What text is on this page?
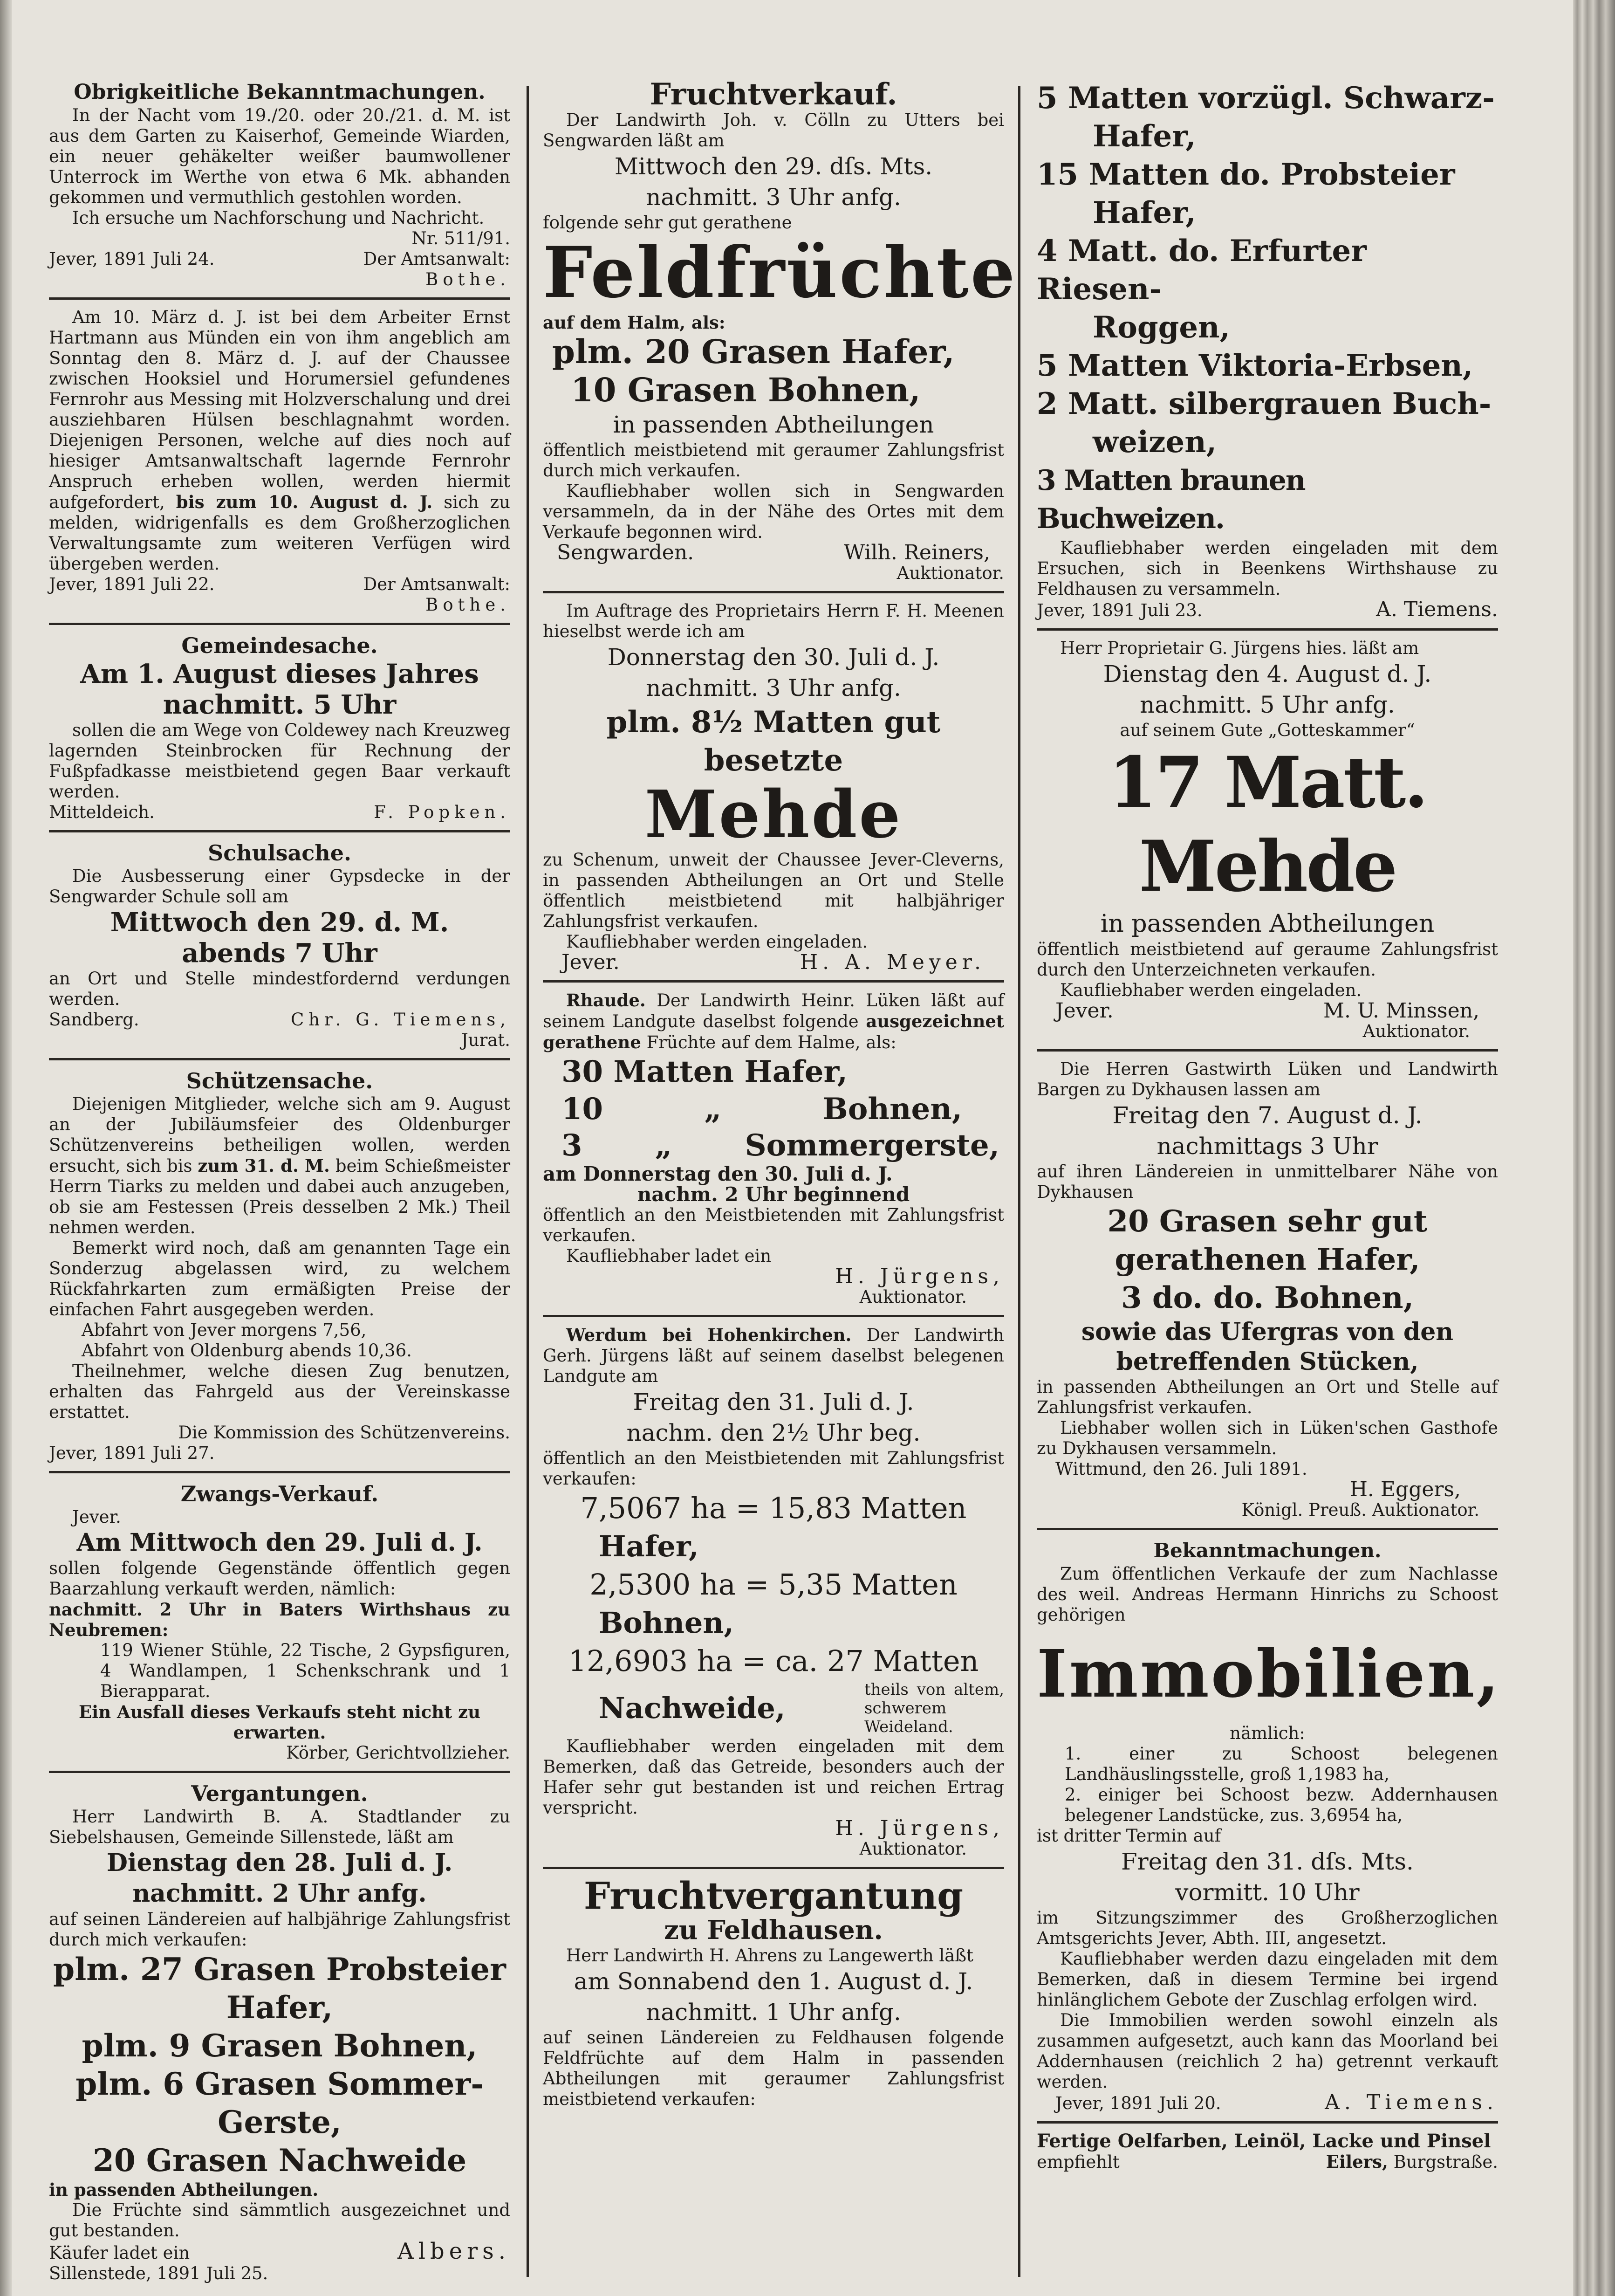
Obrigkeitliche Bekanntmachungen.

In der Nacht vom 19./20. oder 20./21. d. M. ist aus dem Garten zu Kaiserhof, Gemeinde Wiarden, ein neuer gehäkelter weißer baumwollener Unterrock im Werthe von etwa 6 Mk. abhanden gekommen und vermuthlich gestohlen worden.

Ich ersuche um Nachforschung und Nachricht.

Nr. 511/91.

Jever, 1891 Juli 24.	Der Amtsanwalt:

Bothe.

Am 10. März d. J. ist bei dem Arbeiter Ernst Hartmann aus Münden ein von ihm angeblich am Sonntag den 8. März d. J. auf der Chaussee zwischen Hooksiel und Horumersiel gefundenes Fernrohr aus Messing mit Holzverschalung und drei ausziehbaren Hülsen beschlagnahmt worden. Diejenigen Personen, welche auf dies noch auf hiesiger Amtsanwaltschaft lagernde Fernrohr Anspruch erheben wollen, werden hiermit aufgefordert, bis zum 10. August d. J. sich zu melden, widrigenfalls es dem Großherzoglichen Verwaltungsamte zum weiteren Verfügen wird übergeben werden.

Jever, 1891 Juli 22.	Der Amtsanwalt:

Bothe.

Gemeindesache.

Am 1. August dieses Jahres

nachmitt. 5 Uhr

sollen die am Wege von Coldewey nach Kreuzweg lagernden Steinbrocken für Rechnung der Fußpfadkasse meistbietend gegen Baar verkauft werden.

Mitteldeich.	F. Popken.

Schulsache.

Die Ausbesserung einer Gypsdecke in der Sengwarder Schule soll am

Mittwoch den 29. d. M.

abends 7 Uhr

an Ort und Stelle mindestfordernd verdungen werden.

Sandberg.	Chr. G. Tiemens,

Jurat.

Schützensache.

Diejenigen Mitglieder, welche sich am 9. August an der Jubiläumsfeier des Oldenburger Schützenvereins betheiligen wollen, werden ersucht, sich bis zum 31. d. M. beim Schießmeister Herrn Tiarks zu melden und dabei auch anzugeben, ob sie am Festessen (Preis desselben 2 Mk.) Theil nehmen werden.

Bemerkt wird noch, daß am genannten Tage ein Sonderzug abgelassen wird, zu welchem Rückfahrkarten zum ermäßigten Preise der einfachen Fahrt ausgegeben werden.

Abfahrt von Jever morgens 7,56,

Abfahrt von Oldenburg abends 10,36.

Theilnehmer, welche diesen Zug benutzen, erhalten das Fahrgeld aus der Vereinskasse erstattet.

Die Kommission des Schützenvereins.

Jever, 1891 Juli 27.

Zwangs-Verkauf.

Jever.

Am Mittwoch den 29. Juli d. J.

sollen folgende Gegenstände öffentlich gegen Baarzahlung verkauft werden, nämlich:

nachmitt. 2 Uhr in Baters Wirthshaus zu Neubremen:

119 Wiener Stühle, 22 Tische, 2 Gypsfiguren, 4 Wandlampen, 1 Schenkschrank und 1 Bierapparat.

Ein Ausfall dieses Verkaufs steht nicht zu erwarten.

Körber, Gerichtvollzieher.

Vergantungen.

Herr Landwirth B. A. Stadtlander zu Siebelshausen, Gemeinde Sillenstede, läßt am

Dienstag den 28. Juli d. J.

nachmitt. 2 Uhr anfg.

auf seinen Ländereien auf halbjährige Zahlungsfrist durch mich verkaufen:

plm. 27 Grasen Probsteier Hafer,

plm. 9 Grasen Bohnen,

plm. 6 Grasen Sommer-Gerste,

20 Grasen Nachweide

in passenden Abtheilungen.

Die Früchte sind sämmtlich ausgezeichnet und gut bestanden.

Käufer ladet ein	Albers.

Sillenstede, 1891 Juli 25.

Fruchtverkauf.

Der Landwirth Joh. v. Cölln zu Utters bei Sengwarden läßt am

Mittwoch den 29. dſs. Mts.

nachmitt. 3 Uhr anfg.

folgende sehr gut gerathene

Feldfrüchte

auf dem Halm, als:

plm. 20 Grasen Hafer,

10 Grasen Bohnen,

in passenden Abtheilungen

öffentlich meistbietend mit geraumer Zahlungsfrist durch mich verkaufen.

Kaufliebhaber wollen sich in Sengwarden versammeln, da in der Nähe des Ortes mit dem Verkaufe begonnen wird.

Sengwarden.	Wilh. Reiners,

Auktionator.

Im Auftrage des Proprietairs Herrn F. H. Meenen hieselbst werde ich am

Donnerstag den 30. Juli d. J.

nachmitt. 3 Uhr anfg.

plm. 8½ Matten gut besetzte

Mehde

zu Schenum, unweit der Chaussee Jever-Cleverns, in passenden Abtheilungen an Ort und Stelle öffentlich meistbietend mit halbjähriger Zahlungsfrist verkaufen.

Kaufliebhaber werden eingeladen.

Jever.	H. A. Meyer.

Rhaude. Der Landwirth Heinr. Lüken läßt auf seinem Landgute daselbst folgende ausgezeichnet gerathene Früchte auf dem Halme, als:

30 Matten Hafer,

10	„	Bohnen,
3 „ Sommergerste,

am Donnerstag den 30. Juli d. J.

nachm. 2 Uhr beginnend

öffentlich an den Meistbietenden mit Zahlungsfrist verkaufen.

Kaufliebhaber ladet ein

H. Jürgens,

Auktionator.

Werdum bei Hohenkirchen. Der Landwirth Gerh. Jürgens läßt auf seinem daselbst belegenen Landgute am

Freitag den 31. Juli d. J.

nachm. den 2½ Uhr beg.

öffentlich an den Meistbietenden mit Zahlungsfrist verkaufen:

7,5067 ha = 15,83 Matten

Hafer,

2,5300 ha = 5,35 Matten

Bohnen,

12,6903 ha = ca. 27 Matten

Nachweide,
theils von altem, schwerem Weideland.

Kaufliebhaber werden eingeladen mit dem Bemerken, daß das Getreide, besonders auch der Hafer sehr gut bestanden ist und reichen Ertrag verspricht.

H. Jürgens,

Auktionator.

Fruchtvergantung

zu Feldhausen.

Herr Landwirth H. Ahrens zu Langewerth läßt

am Sonnabend den 1. August d. J.

nachmitt. 1 Uhr anfg.

auf seinen Ländereien zu Feldhausen folgende Feldfrüchte auf dem Halm in passenden Abtheilungen mit geraumer Zahlungsfrist meistbietend verkaufen:

5 Matten vorzügl. Schwarz-

Hafer,

15 Matten do. Probsteier

Hafer,

4 Matt. do. Erfurter Riesen-

Roggen,

5 Matten Viktoria-Erbsen,

2 Matt. silbergrauen Buch-

weizen,

3 Matten braunen Buchweizen.

Kaufliebhaber werden eingeladen mit dem Ersuchen, sich in Beenkens Wirthshause zu Feldhausen zu versammeln.

Jever, 1891 Juli 23.	A. Tiemens.

Herr Proprietair G. Jürgens hies. läßt am

Dienstag den 4. August d. J.

nachmitt. 5 Uhr anfg.

auf seinem Gute „Gotteskammer“

17 Matt. Mehde

in passenden Abtheilungen

öffentlich meistbietend auf geraume Zahlungsfrist durch den Unterzeichneten verkaufen.

Kaufliebhaber werden eingeladen.

Jever.	M. U. Minssen,

Auktionator.

Die Herren Gastwirth Lüken und Landwirth Bargen zu Dykhausen lassen am

Freitag den 7. August d. J.

nachmittags 3 Uhr

auf ihren Ländereien in unmittelbarer Nähe von Dykhausen

20 Grasen sehr gut

gerathenen Hafer,

3 do. do. Bohnen,

sowie das Ufergras von den

betreffenden Stücken,

in passenden Abtheilungen an Ort und Stelle auf Zahlungsfrist verkaufen.

Liebhaber wollen sich in Lüken'schen Gasthofe zu Dykhausen versammeln.

Wittmund, den 26. Juli 1891.

H. Eggers,

Königl. Preuß. Auktionator.

Bekanntmachungen.

Zum öffentlichen Verkaufe der zum Nachlasse des weil. Andreas Hermann Hinrichs zu Schoost gehörigen

Immobilien,

nämlich:

1. einer zu Schoost belegenen Landhäuslingsstelle, groß 1,1983 ha,

2. einiger bei Schoost bezw. Addernhausen belegener Landstücke, zus. 3,6954 ha,

ist dritter Termin auf

Freitag den 31. dſs. Mts.

vormitt. 10 Uhr

im Sitzungszimmer des Großherzoglichen Amtsgerichts Jever, Abth. III, angesetzt.

Kaufliebhaber werden dazu eingeladen mit dem Bemerken, daß in diesem Termine bei irgend hinlänglichem Gebote der Zuschlag erfolgen wird.

Die Immobilien werden sowohl einzeln als zusammen aufgesetzt, auch kann das Moorland bei Addernhausen (reichlich 2 ha) getrennt verkauft werden.

Jever, 1891 Juli 20.	A. Tiemens.

Fertige Oelfarben, Leinöl, Lacke und Pinsel

empfiehlt	Eilers, Burgstraße.
